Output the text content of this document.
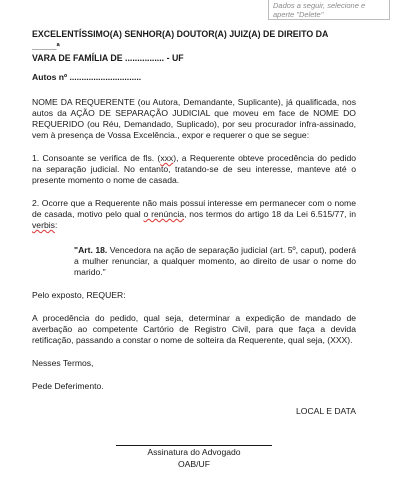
Dados a seguir, selecione e aperte "Delete"

EXCELENTÍSSIMO(A) SENHOR(A) DOUTOR(A) JUIZ(A) DE DIREITO DA _____ª

VARA DE FAMÍLIA DE ................ - UF

Autos nº ..............................

NOME DA REQUERENTE (ou Autora, Demandante, Suplicante), já qualificada, nos autos da AÇÃO DE SEPARAÇÃO JUDICIAL que moveu em face de NOME DO REQUERIDO (ou Réu, Demandado, Suplicado), por seu procurador infra-assinado, vem à presença de Vossa Excelência., expor e requerer o que se segue:

1. Consoante se verifica de fls. (xxx), a Requerente obteve procedência do pedido na separação judicial. No entanto, tratando-se de seu interesse, manteve até o presente momento o nome de casada.

2. Ocorre que a Requerente não mais possui interesse em permanecer com o nome de casada, motivo pelo qual o renúncia, nos termos do artigo 18 da Lei 6.515/77, in verbis:

"Art. 18. Vencedora na ação de separação judicial (art. 5º, caput), poderá a mulher renunciar, a qualquer momento, ao direito de usar o nome do marido."

Pelo exposto, REQUER:

A procedência do pedido, qual seja, determinar a expedição de mandado de averbação ao competente Cartório de Registro Civil, para que faça a devida retificação, passando a constar o nome de solteira da Requerente, qual seja, (XXX).

Nesses Termos,

Pede Deferimento.

LOCAL E DATA

Assinatura do Advogado

OAB/UF
